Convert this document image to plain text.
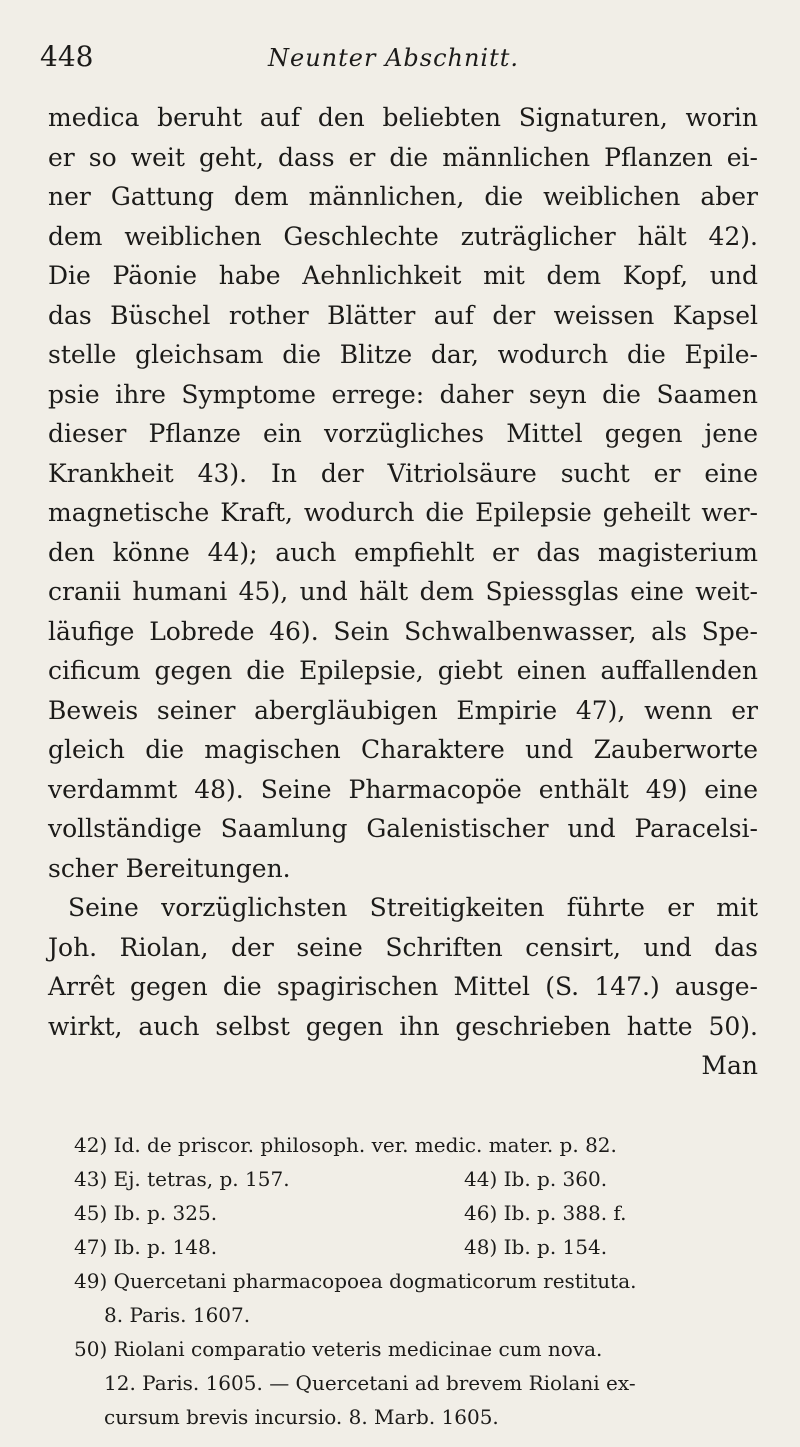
448	Neunter Abschnitt.
medica beruht auf den beliebten Signaturen, worin
er so weit geht, dass er die männlichen Pflanzen ei-
ner Gattung dem männlichen, die weiblichen aber
dem weiblichen Geschlechte zuträglicher hält 42).
Die Päonie habe Aehnlichkeit mit dem Kopf, und
das Büschel rother Blätter auf der weissen Kapsel
stelle gleichsam die Blitze dar, wodurch die Epile-
psie ihre Symptome errege: daher seyn die Saamen
dieser Pflanze ein vorzügliches Mittel gegen jene
Krankheit 43). In der Vitriolsäure sucht er eine
magnetische Kraft, wodurch die Epilepsie geheilt wer-
den könne 44); auch empfiehlt er das magisterium
cranii humani 45), und hält dem Spiessglas eine weit-
läufige Lobrede 46). Sein Schwalbenwasser, als Spe-
cificum gegen die Epilepsie, giebt einen auffallenden
Beweis seiner abergläubigen Empirie 47), wenn er
gleich die magischen Charaktere und Zauberworte
verdammt 48). Seine Pharmacopöe enthält 49) eine
vollständige Saamlung Galenistischer und Paracelsi-
scher Bereitungen.
Seine vorzüglichsten Streitigkeiten führte er mit
Joh. Riolan, der seine Schriften censirt, und das
Arrêt gegen die spagirischen Mittel (S. 147.) ausge-
wirkt, auch selbst gegen ihn geschrieben hatte 50).
Man
42) Id. de priscor. philosoph. ver. medic. mater. p. 82.
43) Ej. tetras, p. 157.	44) Ib. p. 360.
45) Ib. p. 325.	46) Ib. p. 388. f.
47) Ib. p. 148.	48) Ib. p. 154.
49) Quercetani pharmacopoea dogmaticorum restituta.
8. Paris. 1607.
50) Riolani comparatio veteris medicinae cum nova.
12. Paris. 1605. — Quercetani ad brevem Riolani ex-
cursum brevis incursio. 8. Marb. 1605.
